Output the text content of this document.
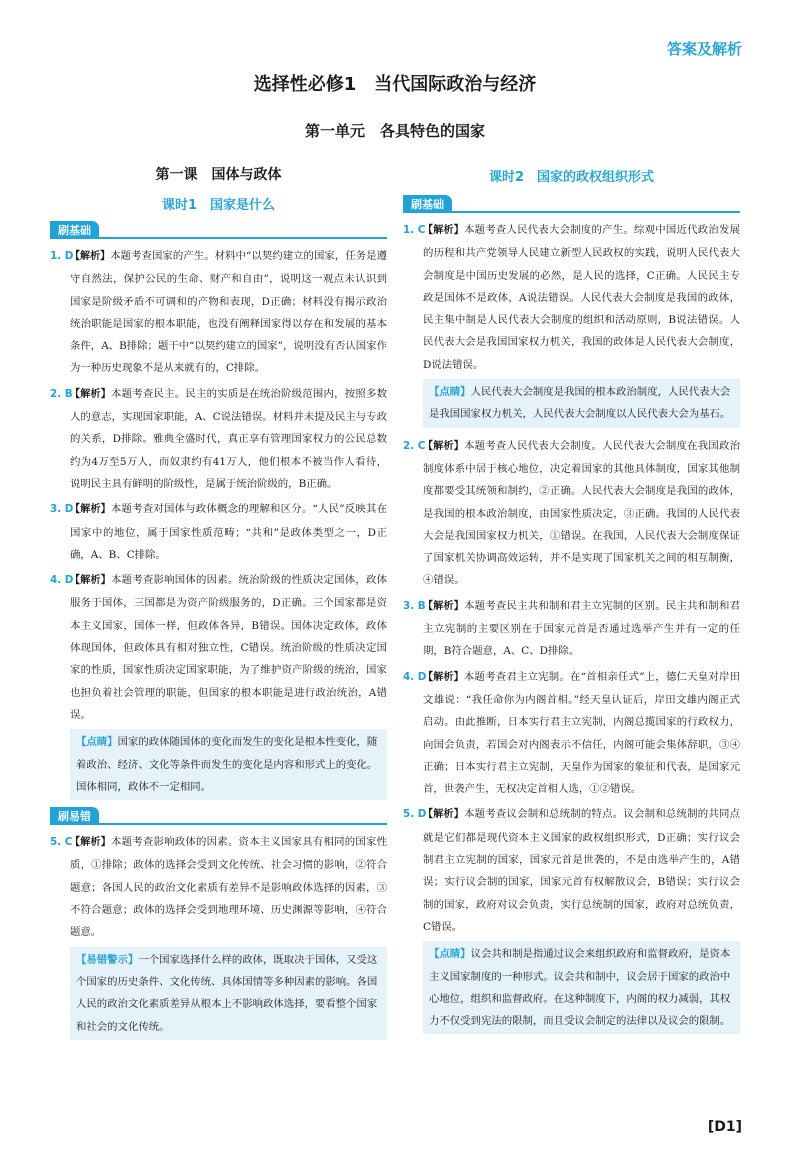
答案及解析
选择性必修1　当代国际政治与经济
第一单元　各具特色的国家
第一课　国体与政体
课时1　国家是什么
刷基础
1. D
【解析】本题考查国家的产生。材料中“以契约建立的国家，任务是遵守自然法，保护公民的生命、财产和自由”，说明这一观点未认识到国家是阶级矛盾不可调和的产物和表现，D正确；材料没有揭示政治统治职能是国家的根本职能，也没有阐释国家得以存在和发展的基本条件，A、B排除；题干中“以契约建立的国家”，说明没有否认国家作为一种历史现象不是从来就有的，C排除。
2. B
【解析】本题考查民主。民主的实质是在统治阶级范围内，按照多数人的意志，实现国家职能，A、C说法错误。材料并未提及民主与专政的关系，D排除。雅典全盛时代，真正享有管理国家权力的公民总数约为4万至5万人，而奴隶约有41万人，他们根本不被当作人看待，说明民主具有鲜明的阶级性，是属于统治阶级的，B正确。
3. D
【解析】本题考查对国体与政体概念的理解和区分。“人民”反映其在国家中的地位，属于国家性质范畴；“共和”是政体类型之一，D正确，A、B、C排除。
4. D
【解析】本题考查影响国体的因素。统治阶级的性质决定国体，政体服务于国体，三国都是为资产阶级服务的，D正确。三个国家都是资本主义国家，国体一样，但政体各异，B错误。国体决定政体，政体体现国体，但政体具有相对独立性，C错误。统治阶级的性质决定国家的性质，国家性质决定国家职能，为了维护资产阶级的统治，国家也担负着社会管理的职能，但国家的根本职能是进行政治统治，A错误。
【点睛】国家的政体随国体的变化而发生的变化是根本性变化，随着政治、经济、文化等条件而发生的变化是内容和形式上的变化。国体相同，政体不一定相同。
刷易错
5. C
【解析】本题考查影响政体的因素。资本主义国家具有相同的国家性质，①排除；政体的选择会受到文化传统、社会习惯的影响，②符合题意；各国人民的政治文化素质有差异不是影响政体选择的因素，③不符合题意；政体的选择会受到地理环境、历史渊源等影响，④符合题意。
【易错警示】一个国家选择什么样的政体，既取决于国体，又受这个国家的历史条件、文化传统、具体国情等多种因素的影响。各国人民的政治文化素质差异从根本上不影响政体选择，要看整个国家和社会的文化传统。
课时2　国家的政权组织形式
刷基础
1. C
【解析】本题考查人民代表大会制度的产生。综观中国近代政治发展的历程和共产党领导人民建立新型人民政权的实践，说明人民代表大会制度是中国历史发展的必然，是人民的选择，C正确。人民民主专政是国体不是政体，A说法错误。人民代表大会制度是我国的政体，民主集中制是人民代表大会制度的组织和活动原则，B说法错误。人民代表大会是我国国家权力机关，我国的政体是人民代表大会制度，D说法错误。
【点睛】人民代表大会制度是我国的根本政治制度，人民代表大会是我国国家权力机关，人民代表大会制度以人民代表大会为基石。
2. C
【解析】本题考查人民代表大会制度。人民代表大会制度在我国政治制度体系中居于核心地位，决定着国家的其他具体制度，国家其他制度都要受其统领和制约，②正确。人民代表大会制度是我国的政体，是我国的根本政治制度，由国家性质决定，③正确。我国的人民代表大会是我国国家权力机关，①错误。在我国，人民代表大会制度保证了国家机关协调高效运转，并不是实现了国家机关之间的相互制衡，④错误。
3. B
【解析】本题考查民主共和制和君主立宪制的区别。民主共和制和君主立宪制的主要区别在于国家元首是否通过选举产生并有一定的任期，B符合题意，A、C、D排除。
4. D
【解析】本题考查君主立宪制。在“首相亲任式”上，德仁天皇对岸田文雄说：“我任命你为内阁首相。”经天皇认证后，岸田文雄内阁正式启动。由此推断，日本实行君主立宪制，内阁总揽国家的行政权力，向国会负责，若国会对内阁表示不信任，内阁可能会集体辞职，③④正确；日本实行君主立宪制，天皇作为国家的象征和代表，是国家元首，世袭产生，无权决定首相人选，①②错误。
5. D
【解析】本题考查议会制和总统制的特点。议会制和总统制的共同点就是它们都是现代资本主义国家的政权组织形式，D正确；实行议会制君主立宪制的国家，国家元首是世袭的，不是由选举产生的，A错误；实行议会制的国家，国家元首有权解散议会，B错误；实行议会制的国家，政府对议会负责，实行总统制的国家，政府对总统负责，C错误。
【点睛】议会共和制是指通过议会来组织政府和监督政府，是资本主义国家制度的一种形式。议会共和制中，议会居于国家的政治中心地位，组织和监督政府。在这种制度下，内阁的权力减弱，其权力不仅受到宪法的限制，而且受议会制定的法律以及议会的限制。
[D1]
